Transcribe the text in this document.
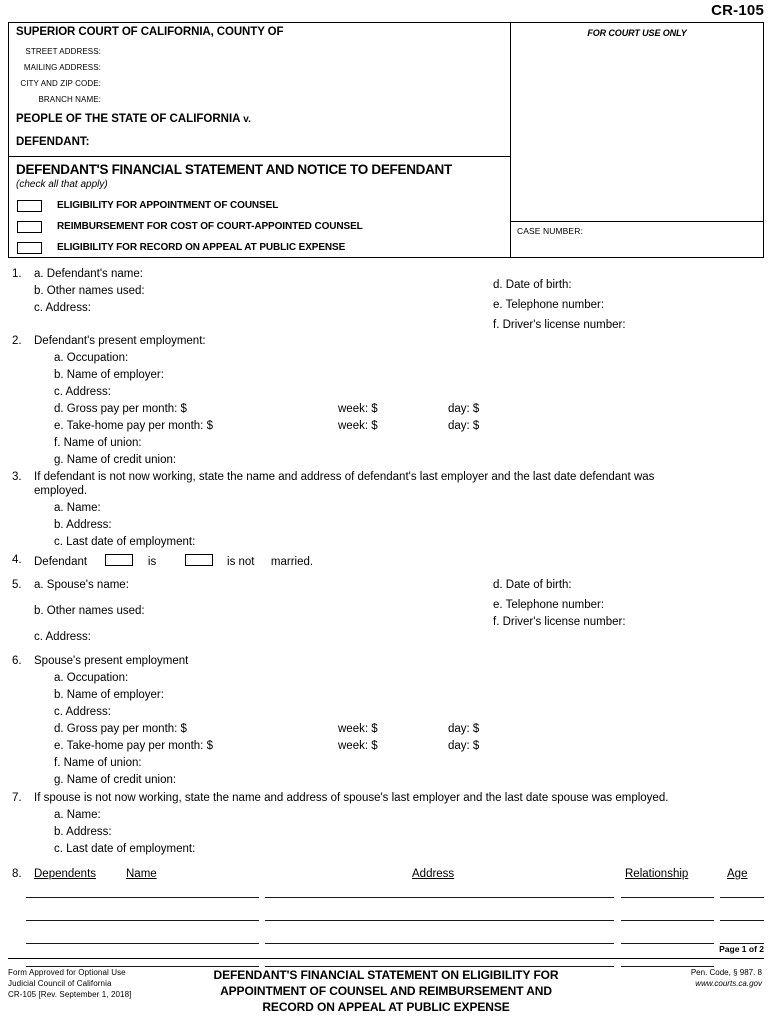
CR-105
SUPERIOR COURT OF CALIFORNIA, COUNTY OF
STREET ADDRESS:
MAILING ADDRESS:
CITY AND ZIP CODE:
BRANCH NAME:
PEOPLE OF THE STATE OF CALIFORNIA v.
DEFENDANT:
DEFENDANT'S FINANCIAL STATEMENT AND NOTICE TO DEFENDANT
(check all that apply)
ELIGIBILITY FOR APPOINTMENT OF COUNSEL
REIMBURSEMENT FOR COST OF COURT-APPOINTED COUNSEL
ELIGIBILITY FOR RECORD ON APPEAL AT PUBLIC EXPENSE
FOR COURT USE ONLY
CASE NUMBER:
1. a. Defendant's name:
b. Other names used:
c. Address:
d. Date of birth:
e. Telephone number:
f. Driver's license number:
2. Defendant's present employment:
a. Occupation:
b. Name of employer:
c. Address:
d. Gross pay per month: $	week: $	day: $
e. Take-home pay per month: $	week: $	day: $
f. Name of union:
g. Name of credit union:
3. If defendant is not now working, state the name and address of defendant's last employer and the last date defendant was
employed.
a. Name:
b. Address:
c. Last date of employment:
4. Defendant	is	is not married.
5. a. Spouse's name:
b. Other names used:
c. Address:
d. Date of birth:
e. Telephone number:
f. Driver's license number:
6. Spouse's present employment
a. Occupation:
b. Name of employer:
c. Address:
d. Gross pay per month: $	week: $	day: $
e. Take-home pay per month: $	week: $	day: $
f. Name of union:
g. Name of credit union:
7. If spouse is not now working, state the name and address of spouse's last employer and the last date spouse was employed.
a. Name:
b. Address:
c. Last date of employment:
8. Dependents	Name	Address	Relationship	Age
Page 1 of 2
Form Approved for Optional Use
Judicial Council of California
CR-105 [Rev. September 1, 2018]
DEFENDANT'S FINANCIAL STATEMENT ON ELIGIBILITY FOR
APPOINTMENT OF COUNSEL AND REIMBURSEMENT AND
RECORD ON APPEAL AT PUBLIC EXPENSE
Pen. Code, § 987. 8
www.courts.ca.gov
